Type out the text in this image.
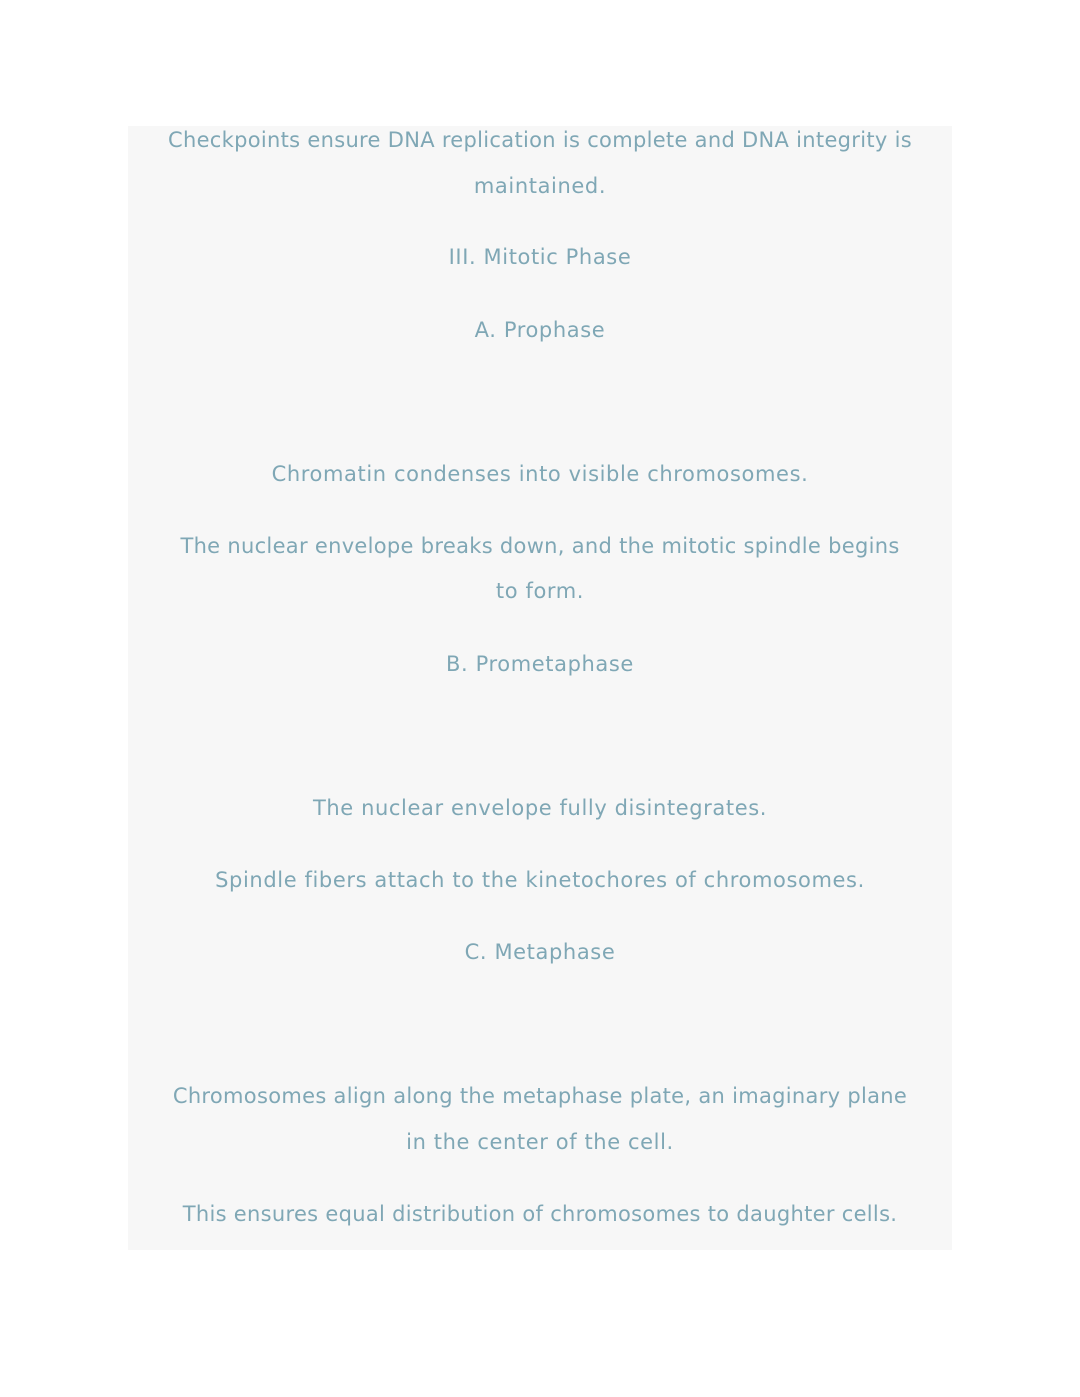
Checkpoints ensure DNA replication is complete and DNA integrity is
maintained.
III. Mitotic Phase
A. Prophase
Chromatin condenses into visible chromosomes.
The nuclear envelope breaks down, and the mitotic spindle begins
to form.
B. Prometaphase
The nuclear envelope fully disintegrates.
Spindle fibers attach to the kinetochores of chromosomes.
C. Metaphase
Chromosomes align along the metaphase plate, an imaginary plane
in the center of the cell.
This ensures equal distribution of chromosomes to daughter cells.
